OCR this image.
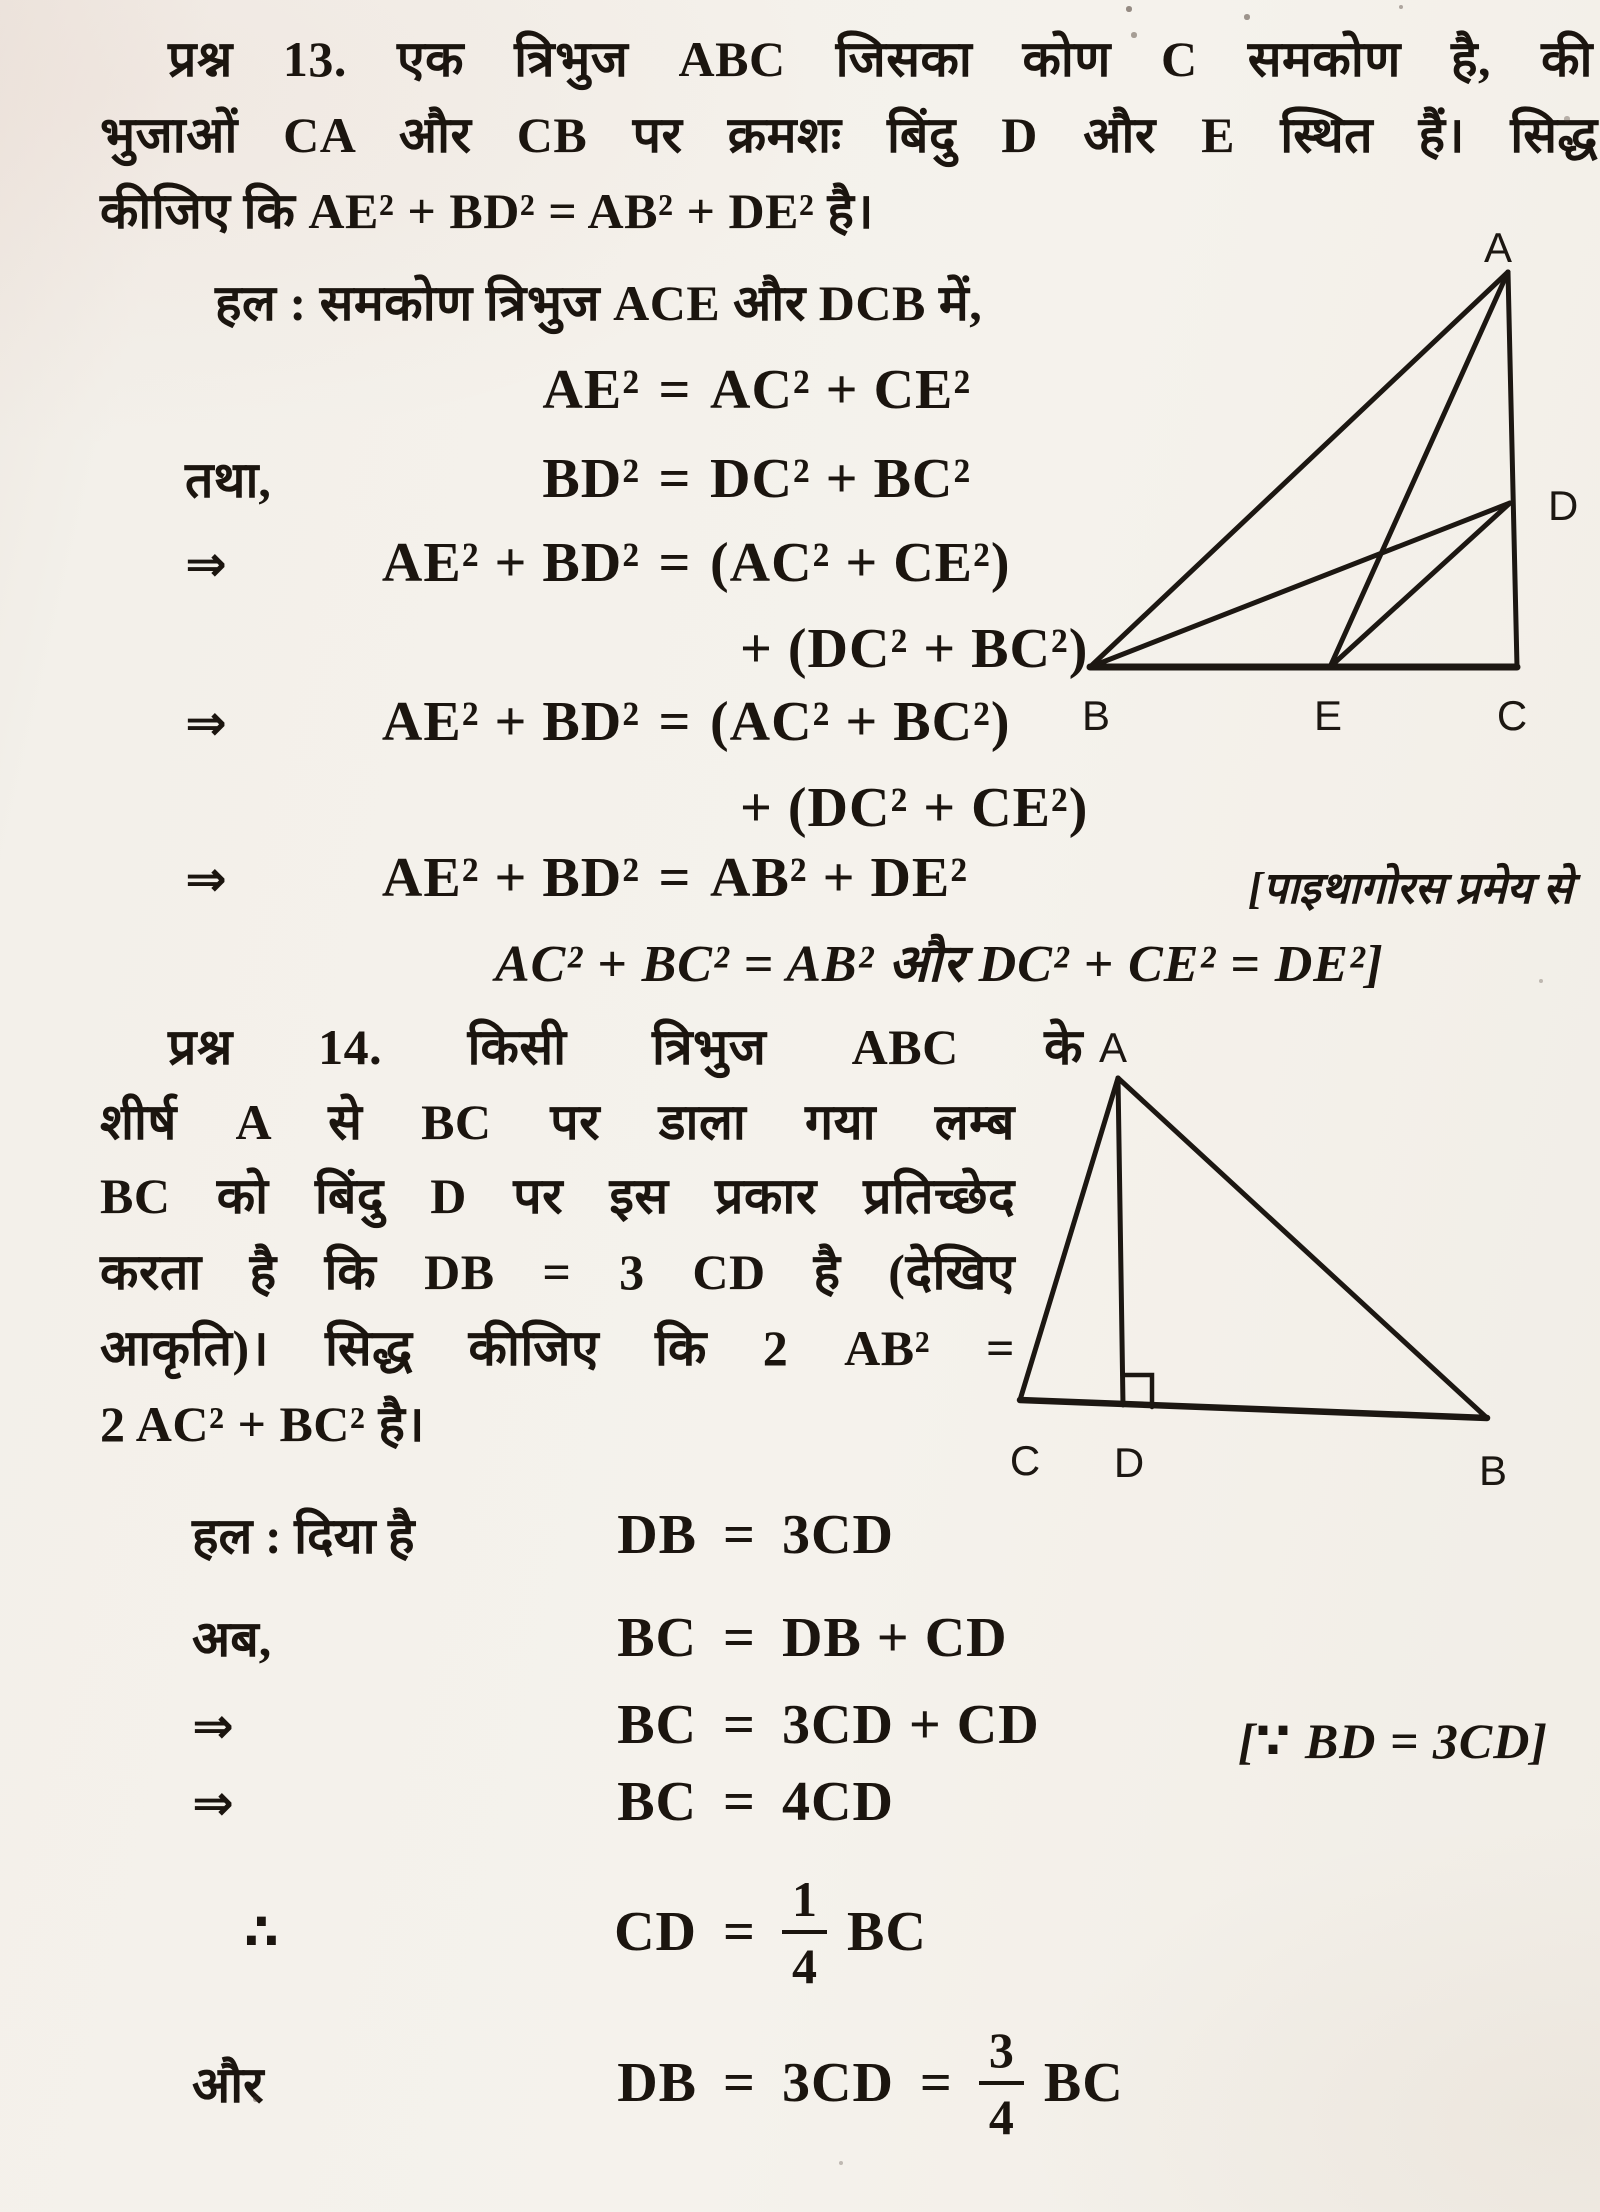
प्रश्न 13. एक त्रिभुज ABC जिसका कोण C समकोण है, की
भुजाओं CA और CB पर क्रमशः बिंदु D और E स्थित हैं। सिद्ध
कीजिए कि AE² + BD² = AB² + DE² है।
हल : समकोण त्रिभुज ACE और DCB में,
AE² = AC² + CE²
तथा,	BD² = DC² + BC²
⇒	AE² + BD² = (AC² + CE²)
+ (DC² + BC²)
⇒	AE² + BD² = (AC² + BC²)
+ (DC² + CE²)
⇒	AE² + BD² = AB² + DE²	[पाइथागोरस प्रमेय से
AC² + BC² = AB² और DC² + CE² = DE²]
A
B	C
D
E
प्रश्न 14. किसी त्रिभुज ABC के
शीर्ष A से BC पर डाला गया लम्ब
BC को बिंदु D पर इस प्रकार प्रतिच्छेद
करता है कि DB = 3 CD है (देखिए
आकृति)। सिद्ध कीजिए कि 2 AB² =
2 AC² + BC² है।
A
C D	B
हल : दिया है	DB = 3CD
अब,	BC = DB + CD
⇒	BC = 3CD + CD	[∵ BD = 3CD]
⇒	BC = 4CD
∴	CD = $\frac{1}{4}$ BC
और	DB = $3CD = \frac{3}{4}$ BC
